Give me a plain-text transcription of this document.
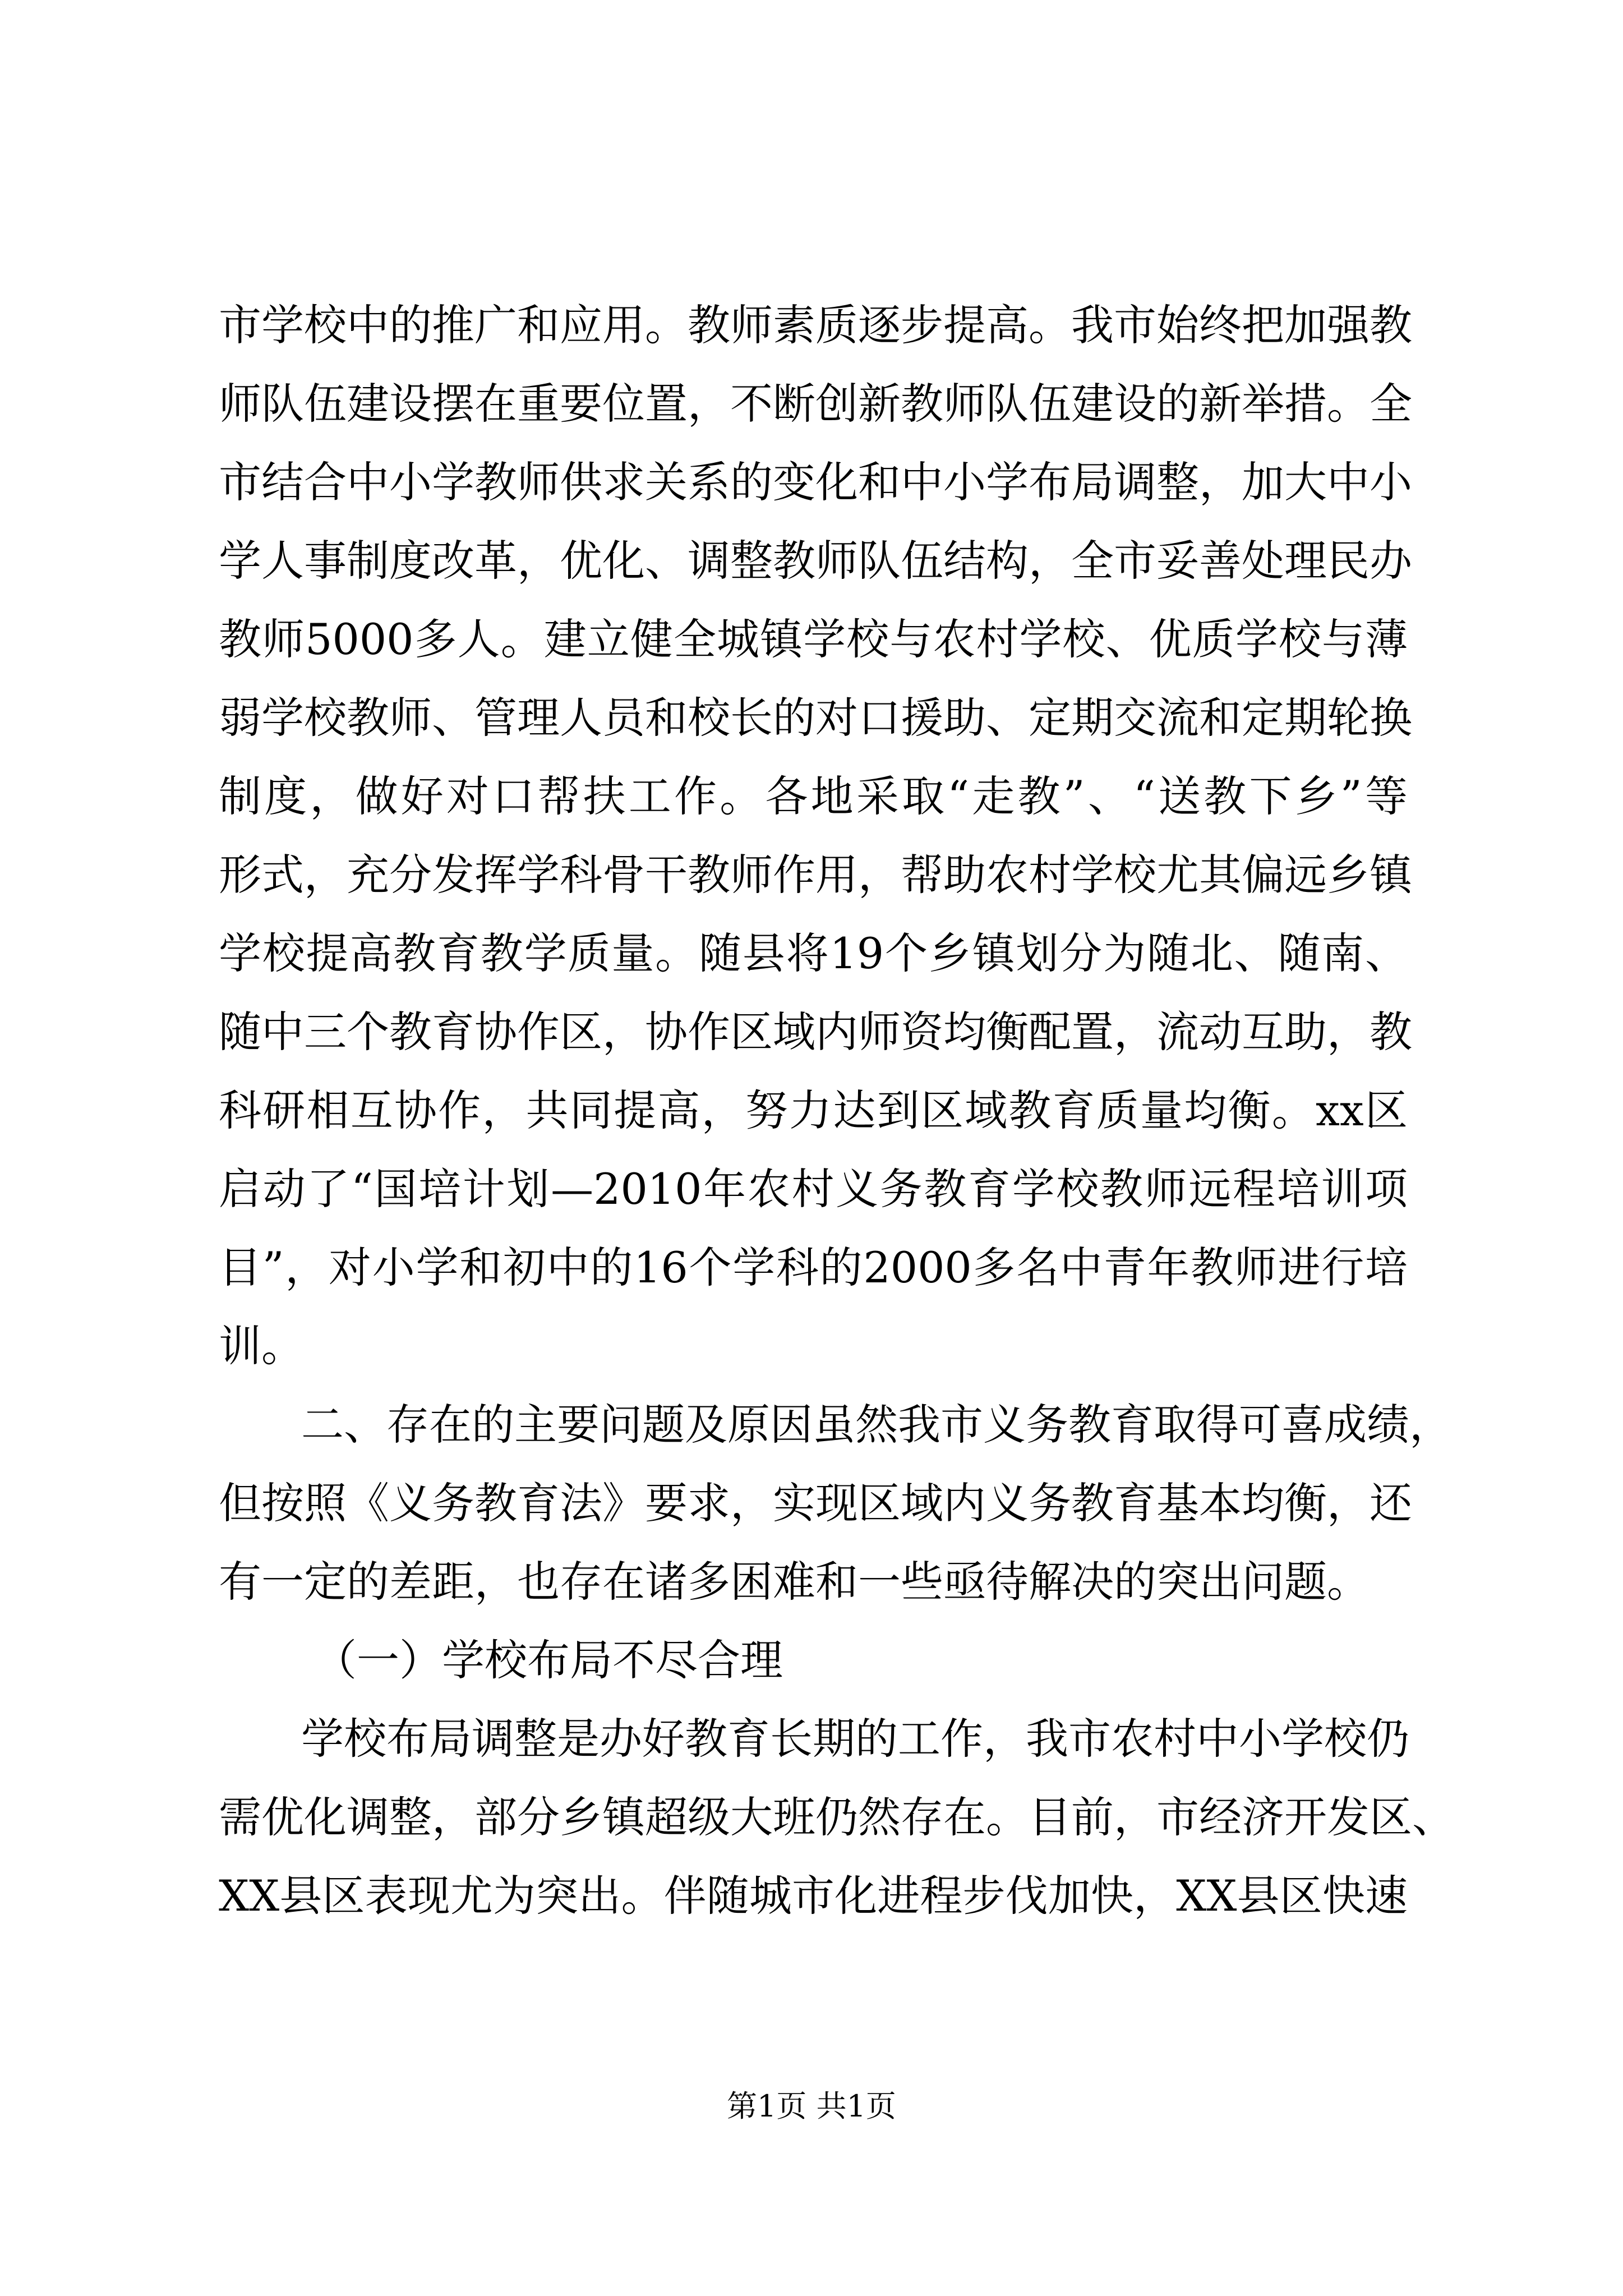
市学校中的推广和应用。教师素质逐步提高。我市始终把加强教

师队伍建设摆在重要位置，不断创新教师队伍建设的新举措。全

市结合中小学教师供求关系的变化和中小学布局调整，加大中小

学人事制度改革，优化、调整教师队伍结构，全市妥善处理民办

教师5000多人。建立健全城镇学校与农村学校、优质学校与薄

弱学校教师、管理人员和校长的对口援助、定期交流和定期轮换

制度，做好对口帮扶工作。各地采取“走教”、“送教下乡”等

形式，充分发挥学科骨干教师作用，帮助农村学校尤其偏远乡镇

学校提高教育教学质量。随县将19个乡镇划分为随北、随南、

随中三个教育协作区，协作区域内师资均衡配置，流动互助，教

科研相互协作，共同提高，努力达到区域教育质量均衡。xx区

启动了“国培计划—2010年农村义务教育学校教师远程培训项

目”，对小学和初中的16个学科的2000多名中青年教师进行培

训。

二、存在的主要问题及原因虽然我市义务教育取得可喜成绩，

但按照《义务教育法》要求，实现区域内义务教育基本均衡，还

有一定的差距，也存在诸多困难和一些亟待解决的突出问题。

（一）学校布局不尽合理

学校布局调整是办好教育长期的工作，我市农村中小学校仍

需优化调整，部分乡镇超级大班仍然存在。目前，市经济开发区、

XX县区表现尤为突出。伴随城市化进程步伐加快，XX县区快速

第1页 共1页
